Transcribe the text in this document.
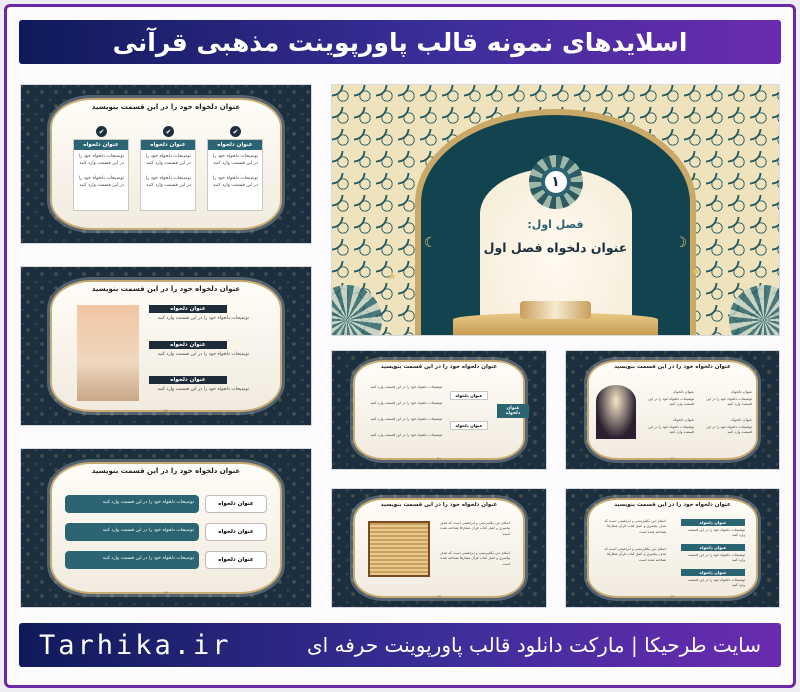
اسلایدهای نمونه قالب پاورپوینت مذهبی قرآنی
۱
فصل اول:
عنوان دلخواه فصل اول
☾	☽
★	★
عنوان دلخواه خود را در این قسمت بنویسید
✔	✔	✔
عنوان دلخواه
توضیحات دلخواه خود را در این قسمت وارد کنید
توضیحات دلخواه خود را در این قسمت وارد کنید
عنوان دلخواه
توضیحات دلخواه خود را در این قسمت وارد کنید
توضیحات دلخواه خود را در این قسمت وارد کنید
عنوان دلخواه
توضیحات دلخواه خود را در این قسمت وارد کنید
توضیحات دلخواه خود را در این قسمت وارد کنید
۲۱
عنوان دلخواه خود را در این قسمت بنویسید
عنوان دلخواه
توضیحات دلخواه خود را در این قسمت وارد کنید
عنوان دلخواه
توضیحات دلخواه خود را در این قسمت وارد کنید
عنوان دلخواه
توضیحات دلخواه خود را در این قسمت وارد کنید
۲۷
عنوان دلخواه خود را در این قسمت بنویسید
توضیحات دلخواه خود را در این قسمت وارد کنید	عنوان دلخواه
توضیحات دلخواه خود را در این قسمت وارد کنید	عنوان دلخواه
توضیحات دلخواه خود را در این قسمت وارد کنید	عنوان دلخواه
۲۹
عنوان دلخواه خود را در این قسمت بنویسید
عنوان دلخواه
عنوان دلخواه
عنوان دلخواه
توضیحات دلخواه خود را در این قسمت وارد کنید
توضیحات دلخواه خود را در این قسمت وارد کنید
توضیحات دلخواه خود را در این قسمت وارد کنید
توضیحات دلخواه خود را در این قسمت وارد کنید
۳۱
عنوان دلخواه خود را در این قسمت بنویسید
عنوان دلخواه
توضیحات دلخواه خود را در این قسمت وارد کنید
عنوان دلخواه
توضیحات دلخواه خود را در این قسمت وارد کنید
عنوان دلخواه
توضیحات دلخواه خود را در این قسمت وارد کنید
عنوان دلخواه
توضیحات دلخواه خود را در این قسمت وارد کنید
۳۲
عنوان دلخواه خود را در این قسمت بنویسید
اسلام دین یکتاپرستی و ابراهیمی است که هدف پیامبری و اصل کتاب قرآن متعارفا شناخته شده است
اسلام دین یکتاپرستی و ابراهیمی است که هدف پیامبری و اصل کتاب قرآن متعارفا شناخته شده است
۳۳
عنوان دلخواه خود را در این قسمت بنویسید
اسلام دین یکتاپرستی و ابراهیمی است که هدف پیامبری و اصل کتاب قرآن متعارفا شناخته شده است
اسلام دین یکتاپرستی و ابراهیمی است که هدف پیامبری و اصل کتاب قرآن متعارفا شناخته شده است
عنوان دلخواه
توضیحات دلخواه خود را در این قسمت وارد کنید
عنوان دلخواه
توضیحات دلخواه خود را در این قسمت وارد کنید
عنوان دلخواه
توضیحات دلخواه خود را در این قسمت وارد کنید
۳۴
Tarhika.ir	سایت طرحیکا | مارکت دانلود قالب پاورپوینت حرفه ای
